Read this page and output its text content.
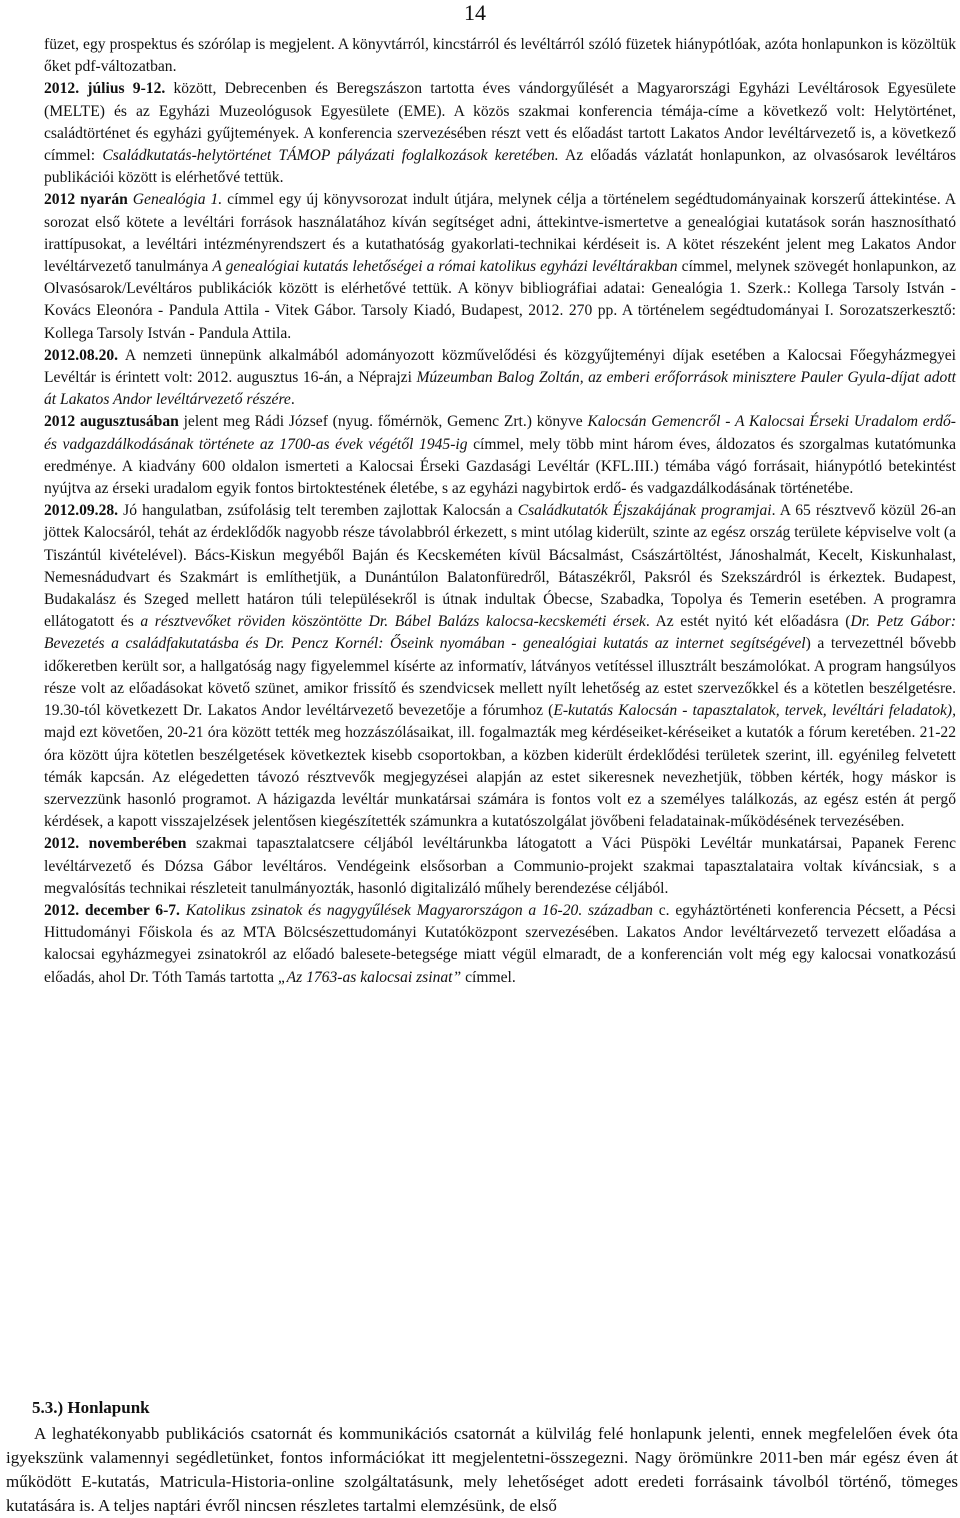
14

füzet, egy prospektus és szórólap is megjelent. A könyvtárról, kincstárról és levéltárról szóló füzetek hiánypótlóak, azóta honlapunkon is közöltük őket pdf-változatban.

2012. július 9-12. között, Debrecenben és Beregszászon tartotta éves vándorgyűlését a Magyarországi Egyházi Levéltárosok Egyesülete (MELTE) és az Egyházi Muzeológusok Egyesülete (EME). A közös szakmai konferencia témája-címe a következő volt: Helytörténet, családtörténet és egyházi gyűjtemények. A konferencia szervezésében részt vett és előadást tartott Lakatos Andor levéltárvezető is, a következő címmel: Családkutatás-helytörténet TÁMOP pályázati foglalkozások keretében. Az előadás vázlatát honlapunkon, az olvasósarok levéltáros publikációi között is elérhetővé tettük.

2012 nyarán Genealógia 1. címmel egy új könyvsorozat indult útjára, melynek célja a történelem segédtudományainak korszerű áttekintése. A sorozat első kötete a levéltári források használatához kíván segítséget adni, áttekintve-ismertetve a genealógiai kutatások során hasznosítható irattípusokat, a levéltári intézményrendszert és a kutathatóság gyakorlati-technikai kérdéseit is. A kötet részeként jelent meg Lakatos Andor levéltárvezető tanulmánya A genealógiai kutatás lehetőségei a római katolikus egyházi levéltárakban címmel, melynek szövegét honlapunkon, az Olvasósarok/Levéltáros publikációk között is elérhetővé tettük. A könyv bibliográfiai adatai: Genealógia 1. Szerk.: Kollega Tarsoly István - Kovács Eleonóra - Pandula Attila - Vitek Gábor. Tarsoly Kiadó, Budapest, 2012. 270 pp. A történelem segédtudományai I. Sorozatszerkesztő: Kollega Tarsoly István - Pandula Attila.

2012.08.20. A nemzeti ünnepünk alkalmából adományozott közművelődési és közgyűjteményi díjak esetében a Kalocsai Főegyházmegyei Levéltár is érintett volt: 2012. augusztus 16-án, a Néprajzi Múzeumban Balog Zoltán, az emberi erőforrások minisztere Pauler Gyula-díjat adott át Lakatos Andor levéltárvezető részére.

2012 augusztusában jelent meg Rádi József (nyug. főmérnök, Gemenc Zrt.) könyve Kalocsán Gemencről - A Kalocsai Érseki Uradalom erdő- és vadgazdálkodásának története az 1700-as évek végétől 1945-ig címmel, mely több mint három éves, áldozatos és szorgalmas kutatómunka eredménye. A kiadvány 600 oldalon ismerteti a Kalocsai Érseki Gazdasági Levéltár (KFL.III.) témába vágó forrásait, hiánypótló betekintést nyújtva az érseki uradalom egyik fontos birtoktestének életébe, s az egyházi nagybirtok erdő- és vadgazdálkodásának történetébe.

2012.09.28. Jó hangulatban, zsúfolásig telt teremben zajlottak Kalocsán a Családkutatók Éjszakájának programjai. A 65 résztvevő közül 26-an jöttek Kalocsáról, tehát az érdeklődők nagyobb része távolabbról érkezett, s mint utólag kiderült, szinte az egész ország területe képviselve volt (a Tiszántúl kivételével). Bács-Kiskun megyéből Baján és Kecskeméten kívül Bácsalmást, Császártöltést, Jánoshalmát, Kecelt, Kiskunhalast, Nemesnádudvart és Szakmárt is említhetjük, a Dunántúlon Balatonfüredről, Bátaszékről, Paksról és Szekszárdról is érkeztek. Budapest, Budakalász és Szeged mellett határon túli településekről is útnak indultak Óbecse, Szabadka, Topolya és Temerin esetében. A programra ellátogatott és a résztvevőket röviden köszöntötte Dr. Bábel Balázs kalocsa-kecskeméti érsek. Az estét nyitó két előadásra (Dr. Petz Gábor: Bevezetés a családfakutatásba és Dr. Pencz Kornél: Őseink nyomában - genealógiai kutatás az internet segítségével) a tervezettnél bővebb időkeretben került sor, a hallgatóság nagy figyelemmel kísérte az informatív, látványos vetítéssel illusztrált beszámolókat. A program hangsúlyos része volt az előadásokat követő szünet, amikor frissítő és szendvicsek mellett nyílt lehetőség az estet szervezőkkel és a kötetlen beszélgetésre. 19.30-tól következett Dr. Lakatos Andor levéltárvezető bevezetője a fórumhoz (E-kutatás Kalocsán - tapasztalatok, tervek, levéltári feladatok), majd ezt követően, 20-21 óra között tették meg hozzászólásaikat, ill. fogalmazták meg kérdéseiket-kéréseiket a kutatók a fórum keretében. 21-22 óra között újra kötetlen beszélgetések következtek kisebb csoportokban, a közben kiderült érdeklődési területek szerint, ill. egyénileg felvetett témák kapcsán. Az elégedetten távozó résztvevők megjegyzései alapján az estet sikeresnek nevezhetjük, többen kérték, hogy máskor is szervezzünk hasonló programot. A házigazda levéltár munkatársai számára is fontos volt ez a személyes találkozás, az egész estén át pergő kérdések, a kapott visszajelzések jelentősen kiegészítették számunkra a kutatószolgálat jövőbeni feladatainak-működésének tervezésében.

2012. novemberében szakmai tapasztalatcsere céljából levéltárunkba látogatott a Váci Püspöki Levéltár munkatársai, Papanek Ferenc levéltárvezető és Dózsa Gábor levéltáros. Vendégeink elsősorban a Communio-projekt szakmai tapasztalataira voltak kíváncsiak, s a megvalósítás technikai részleteit tanulmányozták, hasonló digitalizáló műhely berendezése céljából.

2012. december 6-7. Katolikus zsinatok és nagygyűlések Magyarországon a 16-20. században c. egyháztörténeti konferencia Pécsett, a Pécsi Hittudományi Főiskola és az MTA Bölcsészettudományi Kutatóközpont szervezésében. Lakatos Andor levéltárvezető tervezett előadása a kalocsai egyházmegyei zsinatokról az előadó balesete-betegsége miatt végül elmaradt, de a konferencián volt még egy kalocsai vonatkozású előadás, ahol Dr. Tóth Tamás tartotta „Az 1763-as kalocsai zsinat” címmel.

5.3.) Honlapunk

A leghatékonyabb publikációs csatornát és kommunikációs csatornát a külvilág felé honlapunk jelenti, ennek megfelelően évek óta igyekszünk valamennyi segédletünket, fontos információkat itt megjelentetni-összegezni. Nagy örömünkre 2011-ben már egész éven át működött E-kutatás, Matricula-Historia-online szolgáltatásunk, mely lehetőséget adott eredeti forrásaink távolból történő, tömeges kutatására is. A teljes naptári évről nincsen részletes tartalmi elemzésünk, de első
